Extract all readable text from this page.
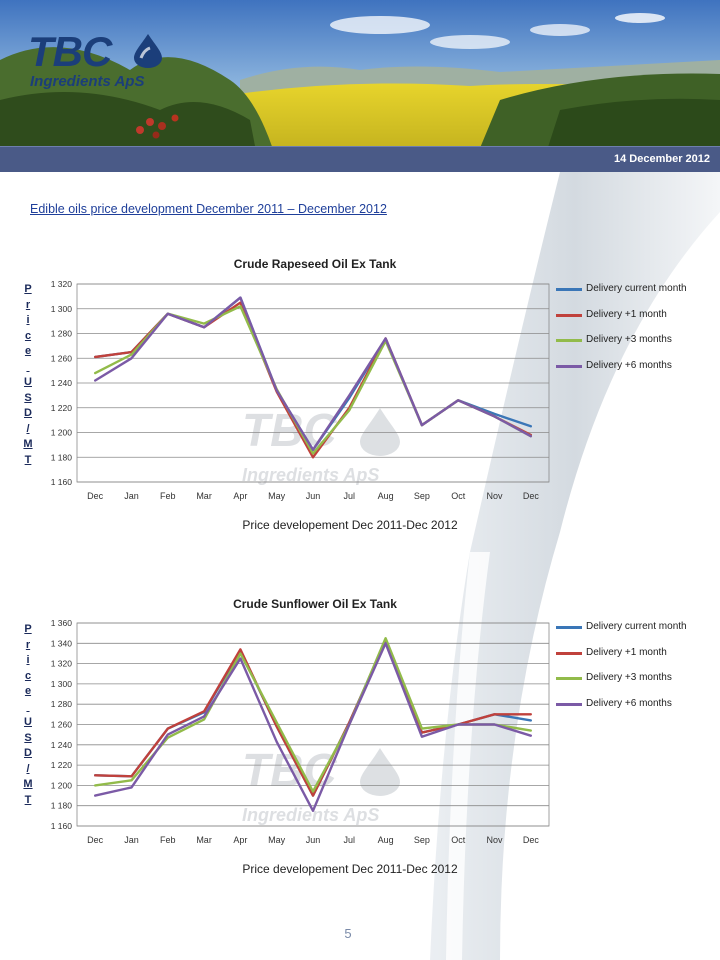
TBC
Ingredients ApS
14 December 2012
Edible oils price development December 2011 – December 2012
TBC
Ingredients ApS
1 160
1 180
1 200
1 220
1 240
1 260
1 280
1 300
1 320
Dec Jan Feb Mar Apr May Jun	Jul	Aug Sep Oct Nov Dec
Crude Rapeseed Oil Ex Tank
P
r
i
c
e

U
S
D
/
M
T
Price developement Dec 2011-Dec 2012
Delivery current month
Delivery +1 month
Delivery +3 months
Delivery +6 months
TBC
Ingredients ApS
1 160
1 180
1 200
1 220
1 240
1 260
1 280
1 300
1 320
1 340
1 360
Dec Jan Feb Mar Apr May Jun	Jul	Aug Sep Oct Nov Dec
Crude Sunflower Oil Ex Tank
P
r
i
c
e

U
S
D
/
M
T
Price developement Dec 2011-Dec 2012
Delivery current month
Delivery +1 month
Delivery +3 months
Delivery +6 months
5
